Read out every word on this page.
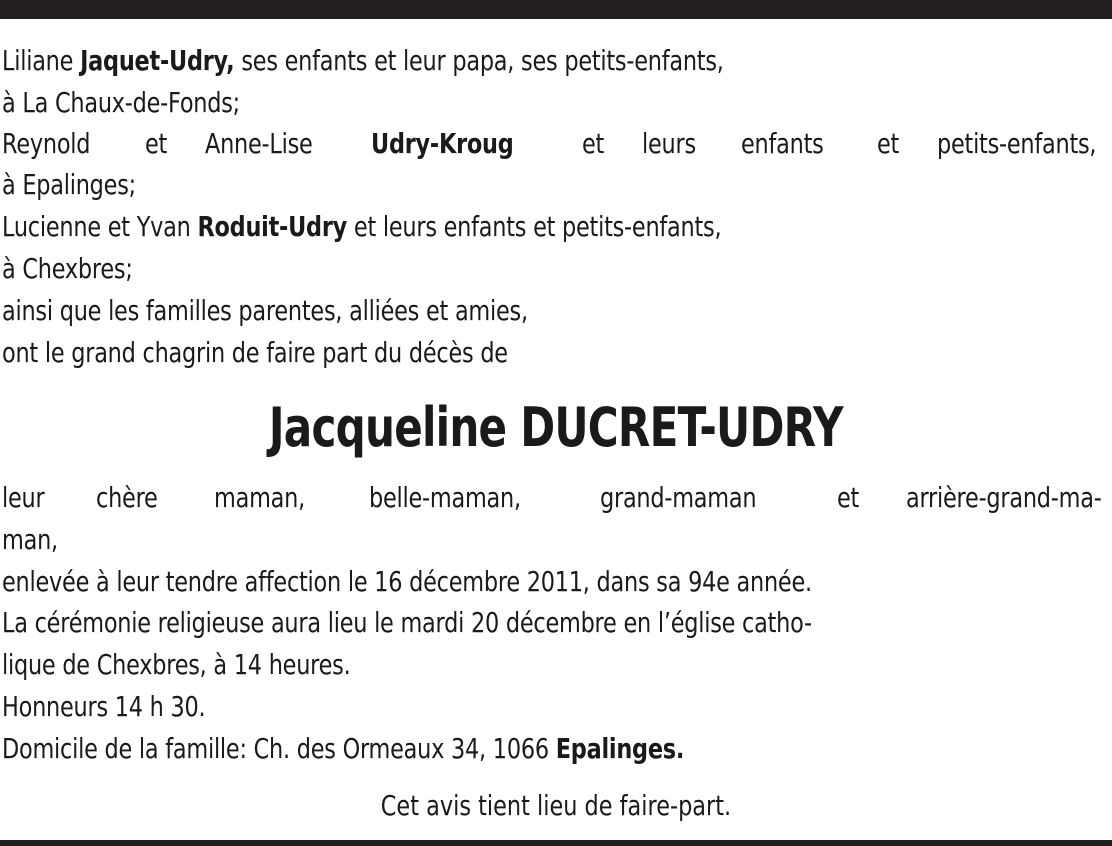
Liliane Jaquet-Udry, ses enfants et leur papa, ses petits-enfants,
à La Chaux-de-Fonds;
Reynold et Anne-Lise Udry-Kroug et leurs enfants et petits-enfants,
à Epalinges;
Lucienne et Yvan Roduit-Udry et leurs enfants et petits-enfants,
à Chexbres;
ainsi que les familles parentes, alliées et amies,
ont le grand chagrin de faire part du décès de
Jacqueline DUCRET-UDRY
leur chère maman, belle-maman,	grand-maman	et arrière-grand-ma-
man,
enlevée à leur tendre affection le 16 décembre 2011, dans sa 94e année.
La cérémonie religieuse aura lieu le mardi 20 décembre en l’église catho-
lique de Chexbres, à 14 heures.
Honneurs 14 h 30.
Domicile de la famille: Ch. des Ormeaux 34, 1066 Epalinges.
Cet avis tient lieu de faire-part.
